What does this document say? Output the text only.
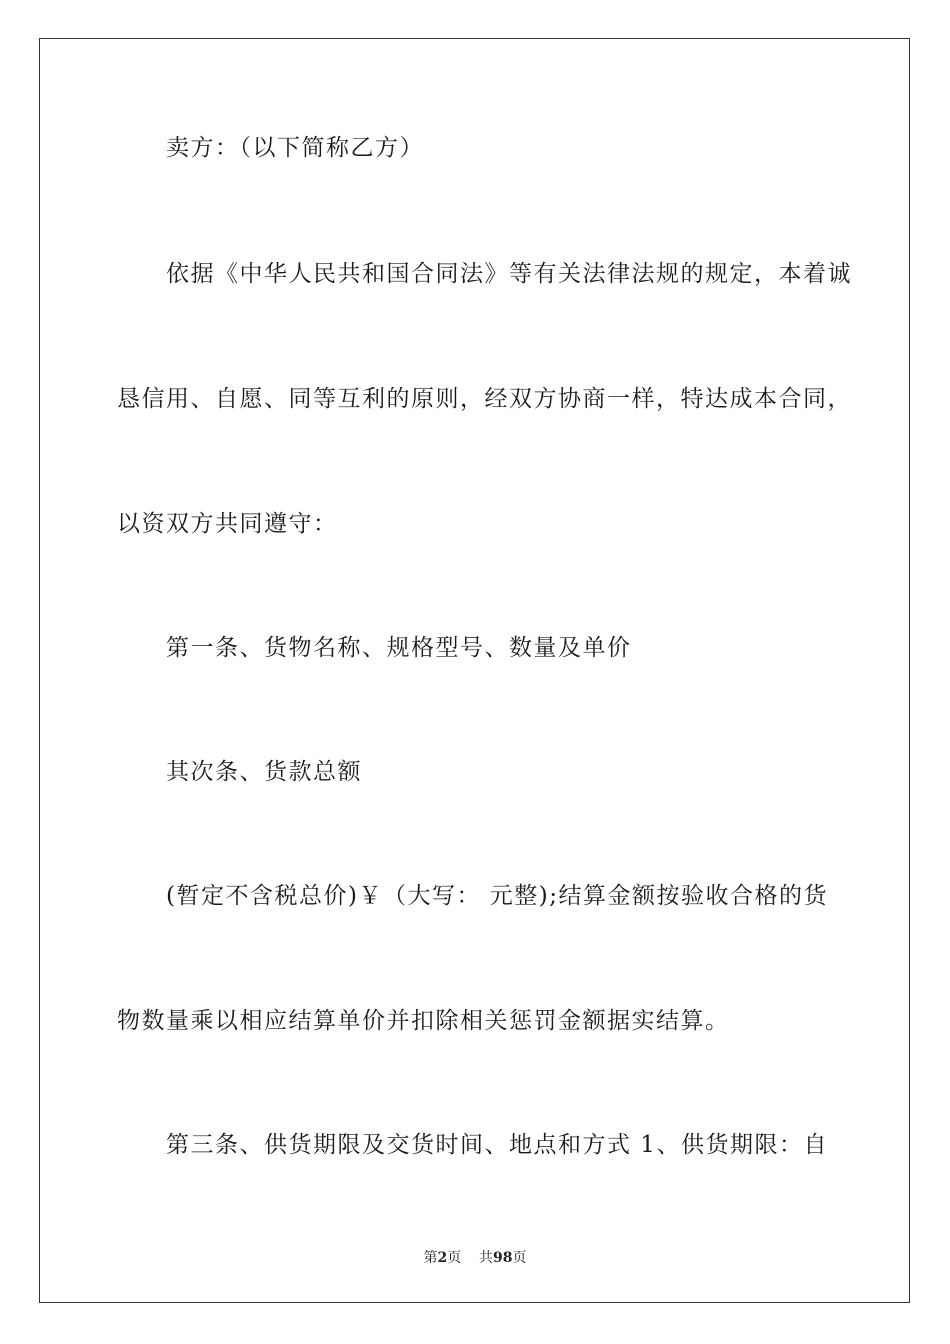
卖方：（以下简称乙方）
依据《中华人民共和国合同法》等有关法律法规的规定，本着诚
恳信用、自愿、同等互利的原则，经双方协商一样，特达成本合同，
以资双方共同遵守：
第一条、货物名称、规格型号、数量及单价
其次条、货款总额
(暂定不含税总价)￥（大写： 元整);结算金额按验收合格的货
物数量乘以相应结算单价并扣除相关惩罚金额据实结算。
第三条、供货期限及交货时间、地点和方式 1、供货期限：自
第2页 共98页
